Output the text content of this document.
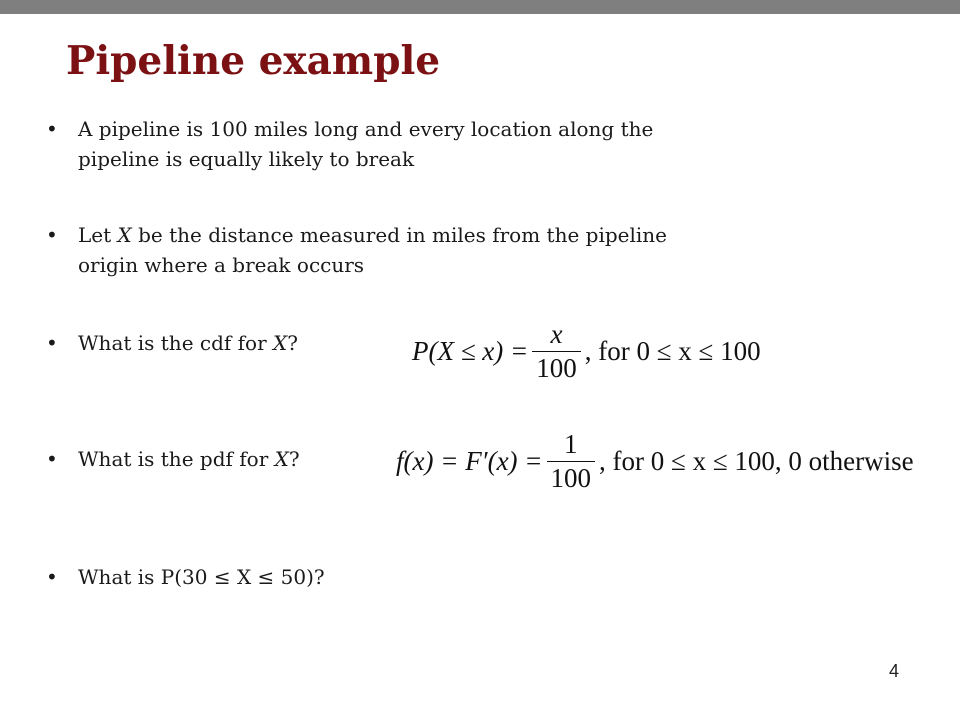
Pipeline example
•	A pipeline is 100 miles long and every location along the
pipeline is equally likely to break
•	Let X be the distance measured in miles from the pipeline
origin where a break occurs
•	What is the cdf for X?
•	What is the pdf for X?
•	What is P(30 ≤ X ≤ 50)?
$P(X \le x) = \frac{x}{100}$ , for 0 ≤ x ≤ 100
$f(x) = F'(x) = \frac{1}{100}$ , for 0 ≤ x ≤ 100, 0 otherwise
4
